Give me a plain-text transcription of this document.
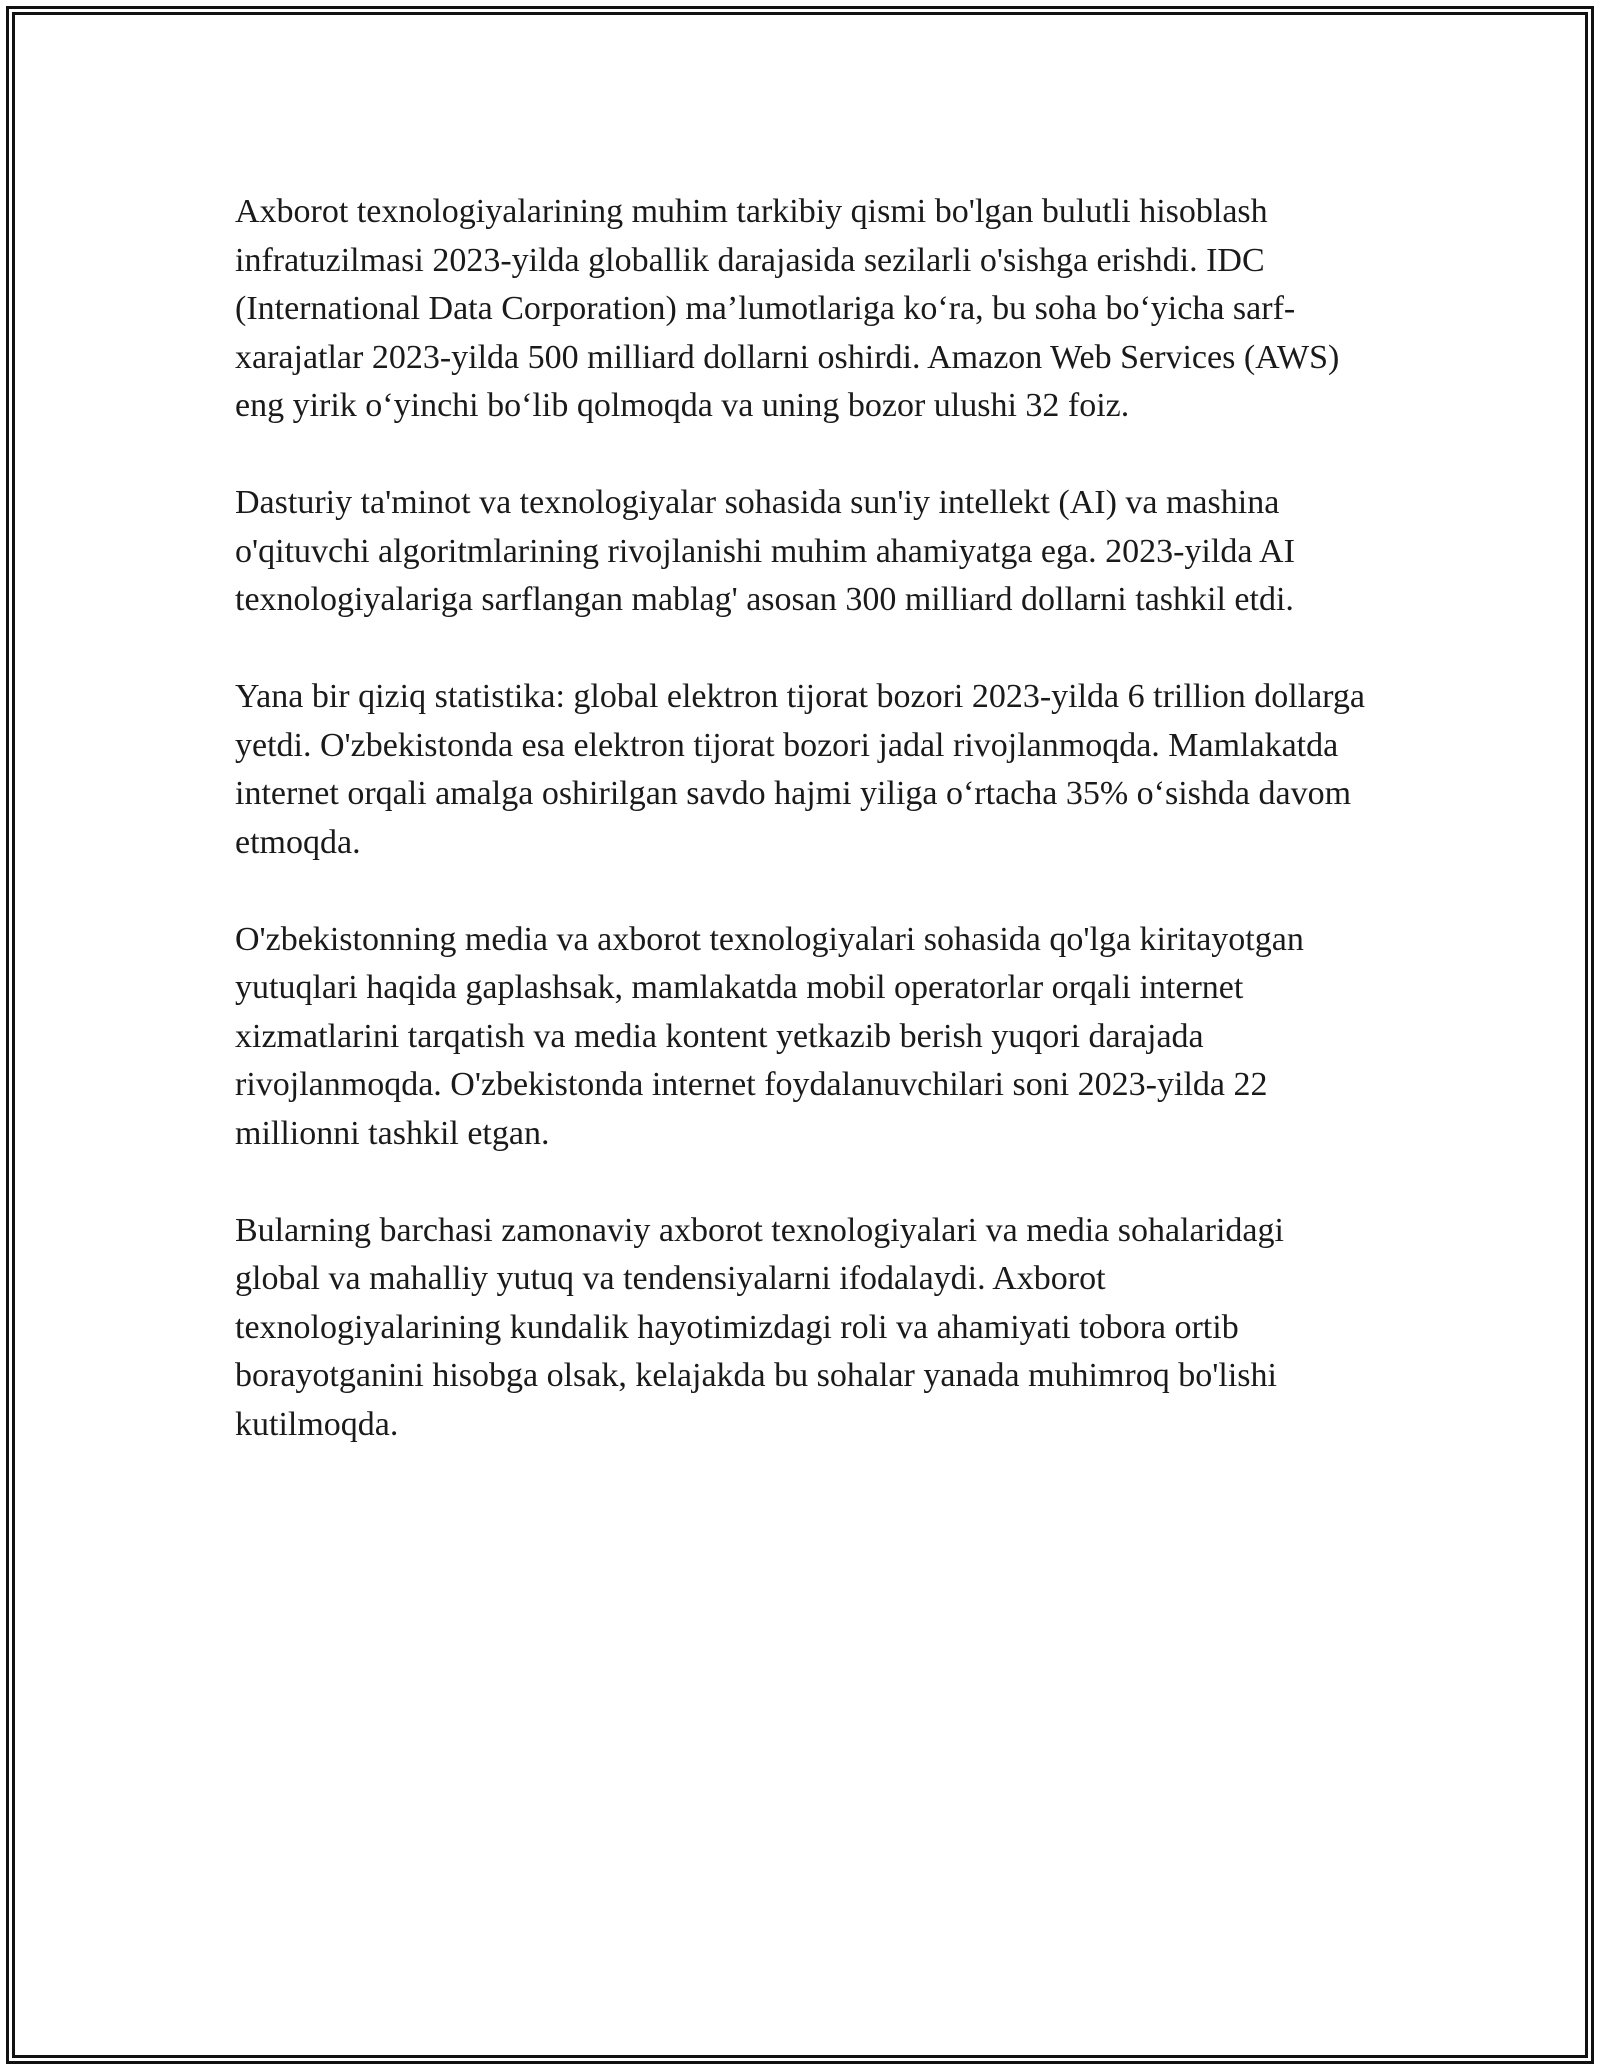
Axborot texnologiyalarining muhim tarkibiy qismi bo'lgan bulutli hisoblash infratuzilmasi 2023-yilda globallik darajasida sezilarli o'sishga erishdi. IDC (International Data Corporation) ma’lumotlariga ko‘ra, bu soha bo‘yicha sarf-xarajatlar 2023-yilda 500 milliard dollarni oshirdi. Amazon Web Services (AWS) eng yirik o‘yinchi bo‘lib qolmoqda va uning bozor ulushi 32 foiz.

Dasturiy ta'minot va texnologiyalar sohasida sun'iy intellekt (AI) va mashina o'qituvchi algoritmlarining rivojlanishi muhim ahamiyatga ega. 2023-yilda AI texnologiyalariga sarflangan mablag' asosan 300 milliard dollarni tashkil etdi.

Yana bir qiziq statistika: global elektron tijorat bozori 2023-yilda 6 trillion dollarga yetdi. O'zbekistonda esa elektron tijorat bozori jadal rivojlanmoqda. Mamlakatda internet orqali amalga oshirilgan savdo hajmi yiliga o‘rtacha 35% o‘sishda davom etmoqda.

O'zbekistonning media va axborot texnologiyalari sohasida qo'lga kiritayotgan yutuqlari haqida gaplashsak, mamlakatda mobil operatorlar orqali internet xizmatlarini tarqatish va media kontent yetkazib berish yuqori darajada rivojlanmoqda. O'zbekistonda internet foydalanuvchilari soni 2023-yilda 22 millionni tashkil etgan.

Bularning barchasi zamonaviy axborot texnologiyalari va media sohalaridagi global va mahalliy yutuq va tendensiyalarni ifodalaydi. Axborot texnologiyalarining kundalik hayotimizdagi roli va ahamiyati tobora ortib borayotganini hisobga olsak, kelajakda bu sohalar yanada muhimroq bo'lishi kutilmoqda.
